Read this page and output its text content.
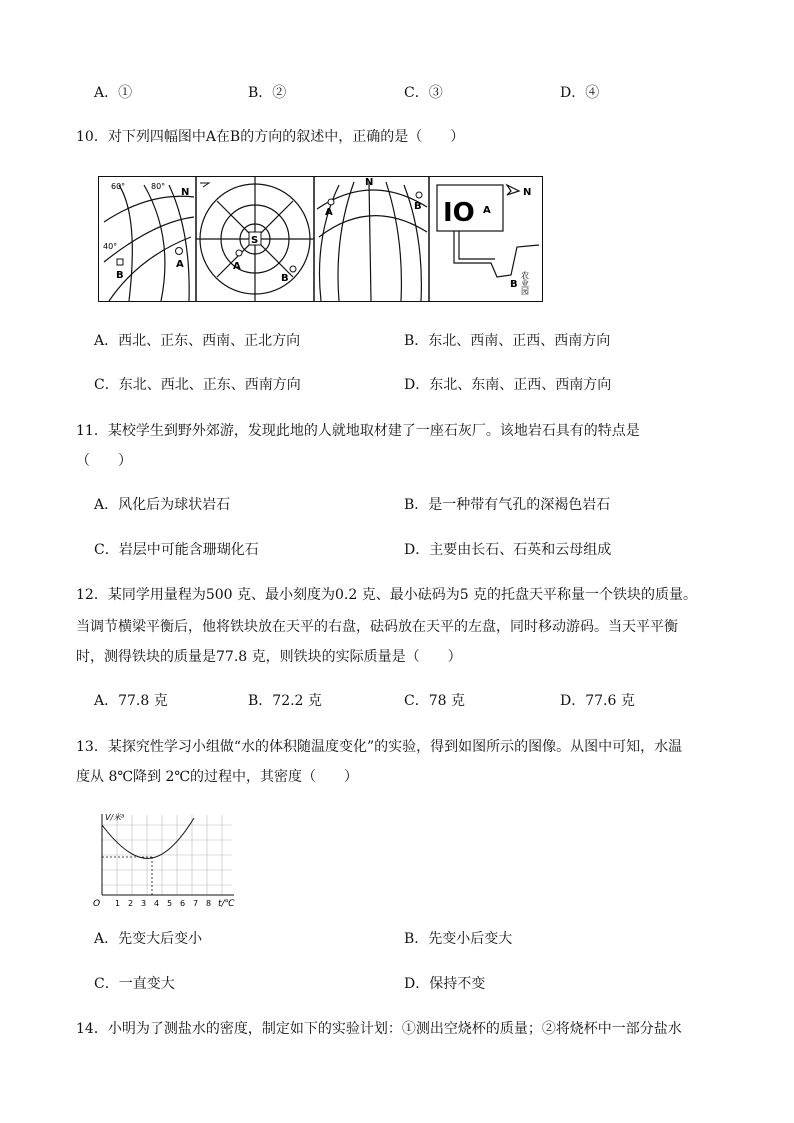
A．①	B．②	C．③	D．④
10．对下列四幅图中A在B的方向的叙述中，正确的是（　　）
60°	80°
N
40°
A
B
S
A
B
N
A
B IO A
N
B 农业园
A．西北、正东、西南、正北方向	B．东北、西南、正西、西南方向
C．东北、西北、正东、西南方向	D．东北、东南、正西、西南方向
11．某校学生到野外郊游，发现此地的人就地取材建了一座石灰厂。该地岩石具有的特点是
（　　）
A．风化后为球状岩石	B．是一种带有气孔的深褐色岩石
C．岩层中可能含珊瑚化石	D．主要由长石、石英和云母组成
12．某同学用量程为500 克、最小刻度为0.2 克、最小砝码为5 克的托盘天平称量一个铁块的质量。
当调节横梁平衡后，他将铁块放在天平的右盘，砝码放在天平的左盘，同时移动游码。当天平平衡
时，测得铁块的质量是77.8 克，则铁块的实际质量是（　　）
A．77.8 克	B．72.2 克	C．78 克	D．77.6 克
13．某探究性学习小组做“水的体积随温度变化”的实验，得到如图所示的图像。从图中可知，水温
度从 8℃降到 2℃的过程中，其密度（　　）
V/米³
O 1 2 3 4 5 6 7 8 t/℃
A．先变大后变小	B．先变小后变大
C．一直变大	D．保持不变
14．小明为了测盐水的密度，制定如下的实验计划：①测出空烧杯的质量；②将烧杯中一部分盐水
